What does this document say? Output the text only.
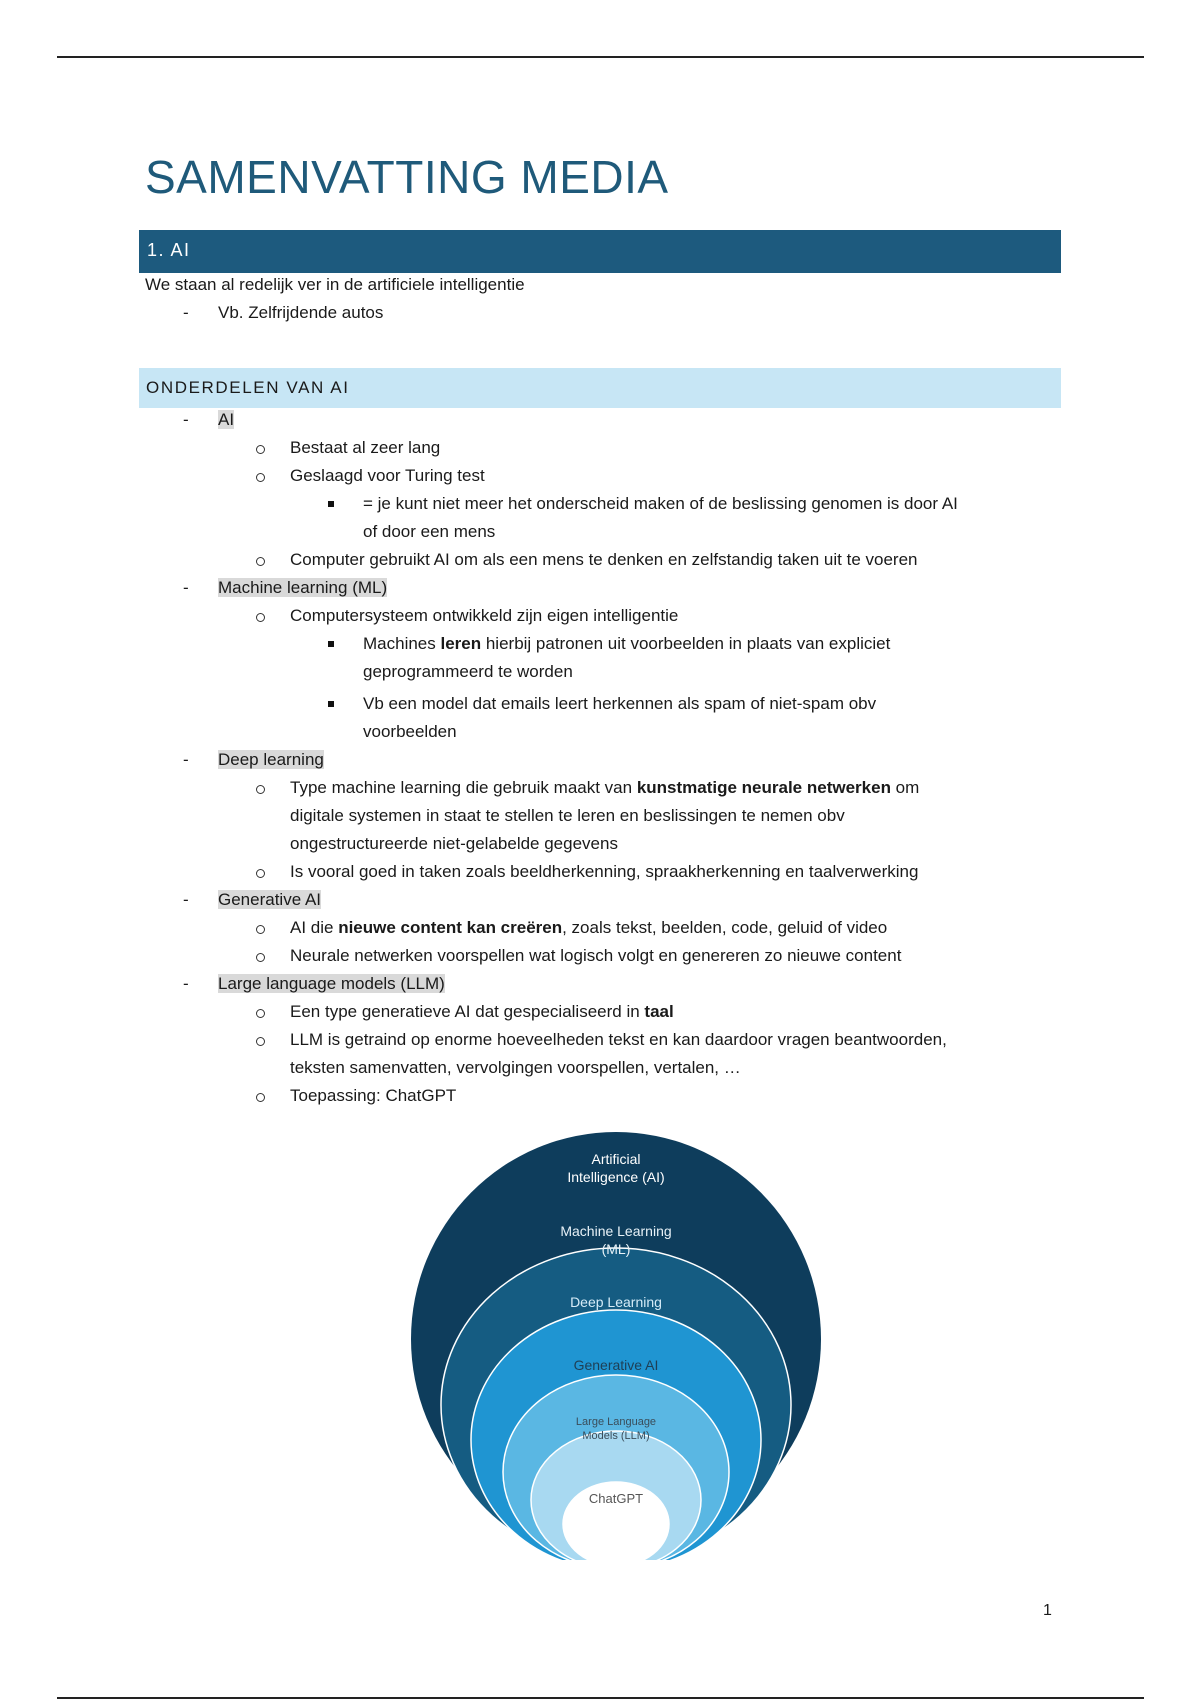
SAMENVATTING MEDIA
1. AI
We staan al redelijk ver in de artificiele intelligentie
- Vb. Zelfrijdende autos
ONDERDELEN VAN AI
- AI
Bestaat al zeer lang
Geslaagd voor Turing test
= je kunt niet meer het onderscheid maken of de beslissing genomen is door AI
of door een mens
Computer gebruikt AI om als een mens te denken en zelfstandig taken uit te voeren
- Machine learning (ML)
Computersysteem ontwikkeld zijn eigen intelligentie
Machines leren hierbij patronen uit voorbeelden in plaats van expliciet
geprogrammeerd te worden
Vb een model dat emails leert herkennen als spam of niet-spam obv
voorbeelden
- Deep learning
Type machine learning die gebruik maakt van kunstmatige neurale netwerken om
digitale systemen in staat te stellen te leren en beslissingen te nemen obv
ongestructureerde niet-gelabelde gegevens
Is vooral goed in taken zoals beeldherkenning, spraakherkenning en taalverwerking
- Generative AI
AI die nieuwe content kan creëren, zoals tekst, beelden, code, geluid of video
Neurale netwerken voorspellen wat logisch volgt en genereren zo nieuwe content
- Large language models (LLM)
Een type generatieve AI dat gespecialiseerd in taal
LLM is getraind op enorme hoeveelheden tekst en kan daardoor vragen beantwoorden,
teksten samenvatten, vervolgingen voorspellen, vertalen, …
Toepassing: ChatGPT
Artificial
Intelligence (AI)
Machine Learning
(ML)
Deep Learning
Generative AI
Large Language
Models (LLM)
ChatGPT
1
